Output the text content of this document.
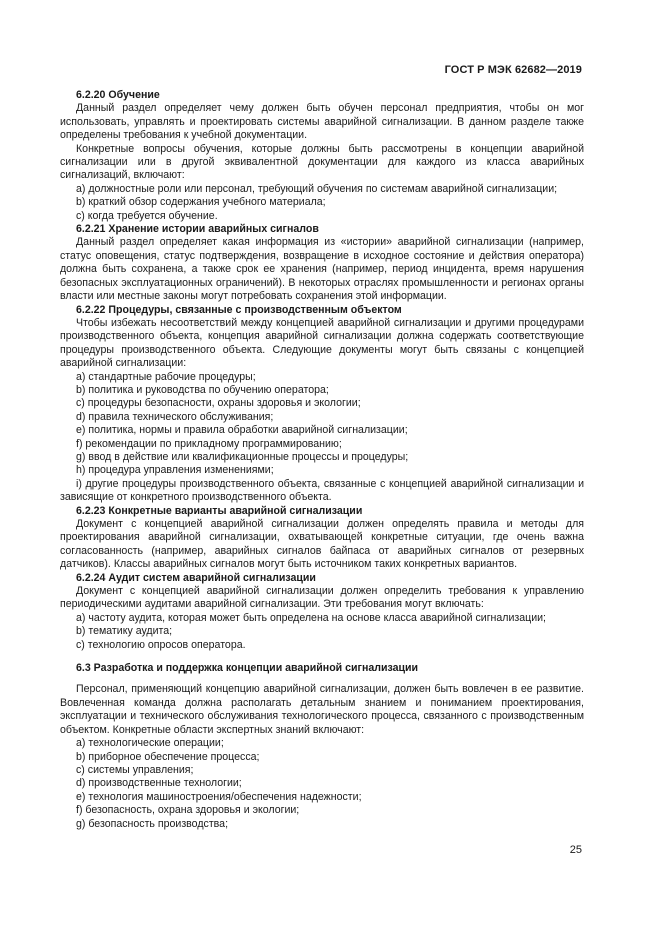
ГОСТ Р МЭК 62682—2019

6.2.20 Обучение

Данный раздел определяет чему должен быть обучен персонал предприятия, чтобы он мог использовать, управлять и проектировать системы аварийной сигнализации. В данном разделе также определены требования к учебной документации.

Конкретные вопросы обучения, которые должны быть рассмотрены в концепции аварийной сигнализации или в другой эквивалентной документации для каждого из класса аварийных сигнализаций, включают:

a) должностные роли или персонал, требующий обучения по системам аварийной сигнализации;

b) краткий обзор содержания учебного материала;

c) когда требуется обучение.

6.2.21 Хранение истории аварийных сигналов

Данный раздел определяет какая информация из «истории» аварийной сигнализации (например, статус оповещения, статус подтверждения, возвращение в исходное состояние и действия оператора) должна быть сохранена, а также срок ее хранения (например, период инцидента, время нарушения безопасных эксплуатационных ограничений). В некоторых отраслях промышленности и регионах органы власти или местные законы могут потребовать сохранения этой информации.

6.2.22 Процедуры, связанные с производственным объектом

Чтобы избежать несоответствий между концепцией аварийной сигнализации и другими процедурами производственного объекта, концепция аварийной сигнализации должна содержать соответствующие процедуры производственного объекта. Следующие документы могут быть связаны с концепцией аварийной сигнализации:

a) стандартные рабочие процедуры;

b) политика и руководства по обучению оператора;

c) процедуры безопасности, охраны здоровья и экологии;

d) правила технического обслуживания;

e) политика, нормы и правила обработки аварийной сигнализации;

f) рекомендации по прикладному программированию;

g) ввод в действие или квалификационные процессы и процедуры;

h) процедура управления изменениями;

i) другие процедуры производственного объекта, связанные с концепцией аварийной сигнализации и зависящие от конкретного производственного объекта.

6.2.23 Конкретные варианты аварийной сигнализации

Документ с концепцией аварийной сигнализации должен определять правила и методы для проектирования аварийной сигнализации, охватывающей конкретные ситуации, где очень важна согласованность (например, аварийных сигналов байпаса от аварийных сигналов от резервных датчиков). Классы аварийных сигналов могут быть источником таких конкретных вариантов.

6.2.24 Аудит систем аварийной сигнализации

Документ с концепцией аварийной сигнализации должен определить требования к управлению периодическими аудитами аварийной сигнализации. Эти требования могут включать:

a) частоту аудита, которая может быть определена на основе класса аварийной сигнализации;

b) тематику аудита;

c) технологию опросов оператора.

6.3 Разработка и поддержка концепции аварийной сигнализации

Персонал, применяющий концепцию аварийной сигнализации, должен быть вовлечен в ее развитие. Вовлеченная команда должна располагать детальным знанием и пониманием проектирования, эксплуатации и технического обслуживания технологического процесса, связанного с производственным объектом. Конкретные области экспертных знаний включают:

a) технологические операции;

b) приборное обеспечение процесса;

c) системы управления;

d) производственные технологии;

e) технология машиностроения/обеспечения надежности;

f) безопасность, охрана здоровья и экологии;

g) безопасность производства;

25
